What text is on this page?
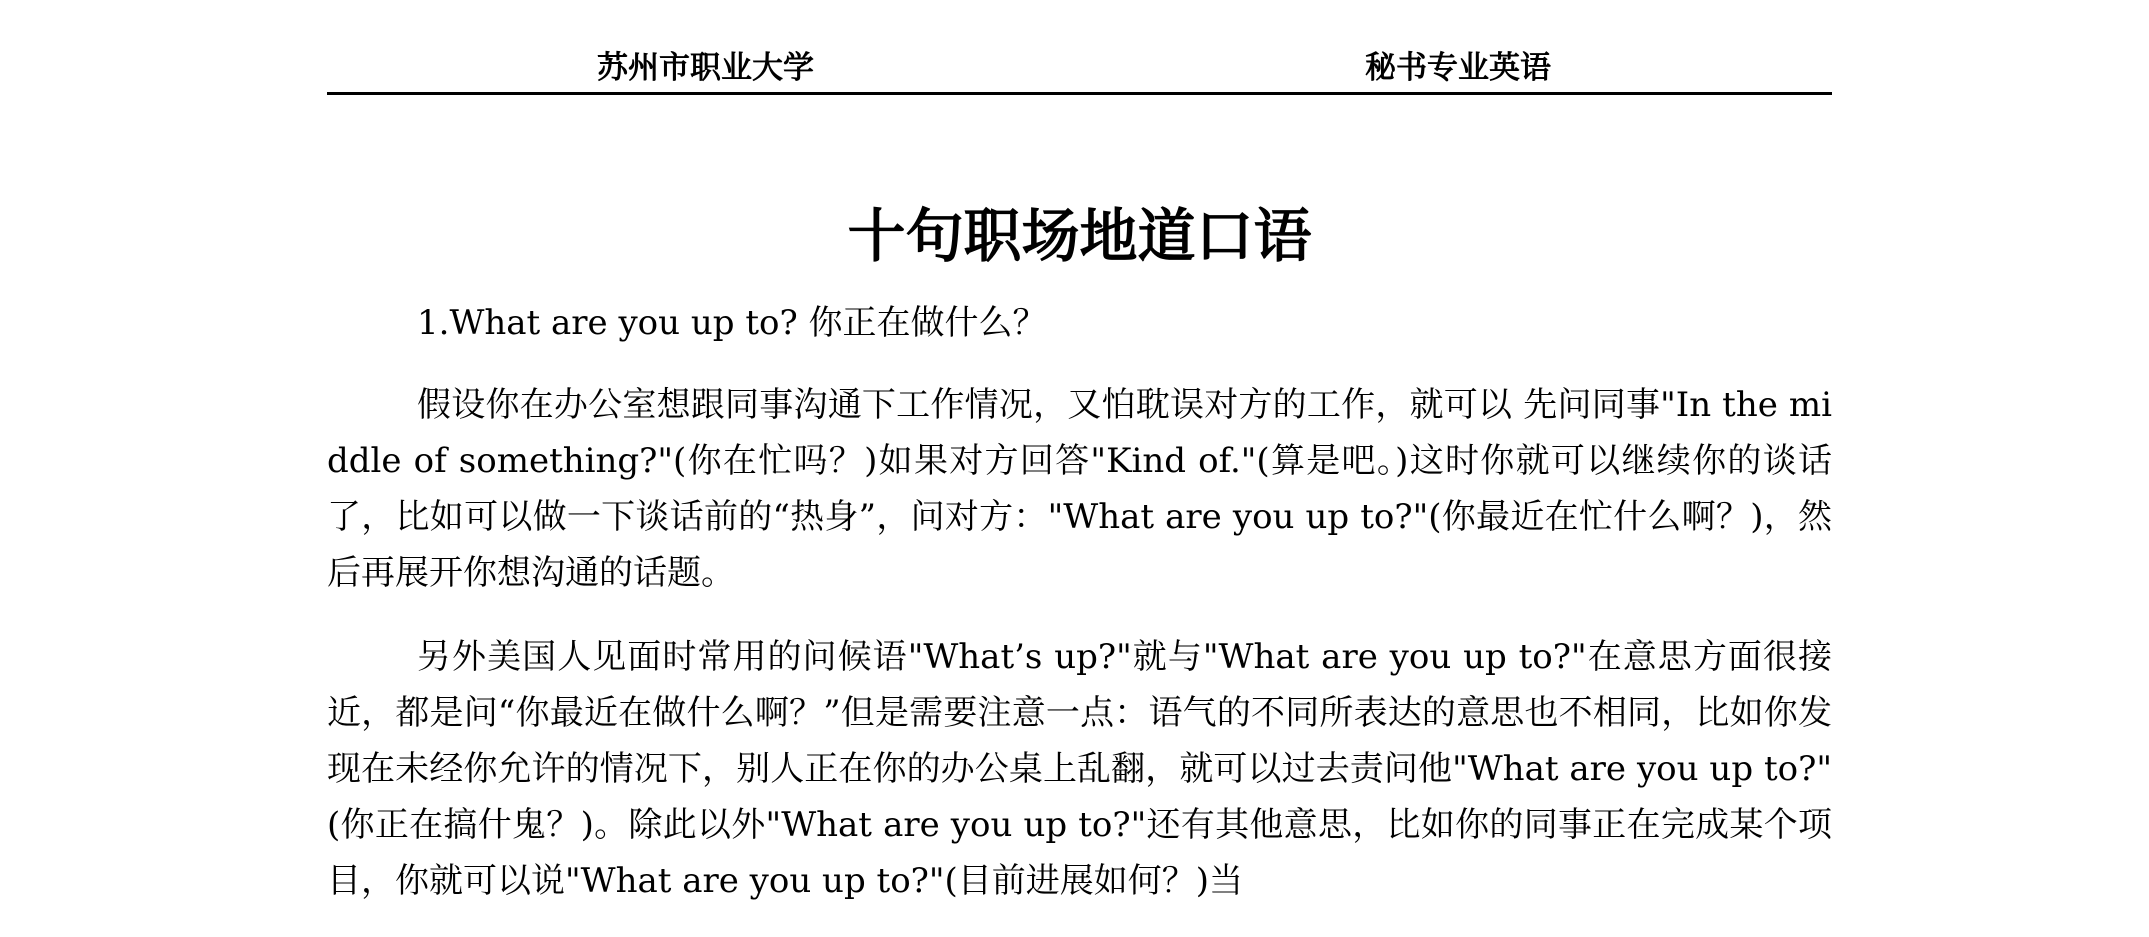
苏州市职业大学	秘书专业英语
十句职场地道口语

1.What are you up to? 你正在做什么？

假设你在办公室想跟同事沟通下工作情况，又怕耽误对方的工作，就可以 先问同事"In the middle of something?"(你在忙吗？)如果对方回答"Kind of."(算是吧。)这时你就可以继续你的谈话了，比如可以做一下谈话前的“热身”，问对方："What are you up to?"(你最近在忙什么啊？)，然后再展开你想沟通的话题。

另外美国人见面时常用的问候语"What’s up?"就与"What are you up to?"在意思方面很接近，都是问“你最近在做什么啊？”但是需要注意一点：语气的不同所表达的意思也不相同，比如你发现在未经你允许的情况下，别人正在你的办公桌上乱翻，就可以过去责问他"What are you up to?"(你正在搞什鬼？)。除此以外"What are you up to?"还有其他意思，比如你的同事正在完成某个项目，你就可以说"What are you up to?"(目前进展如何？)当
